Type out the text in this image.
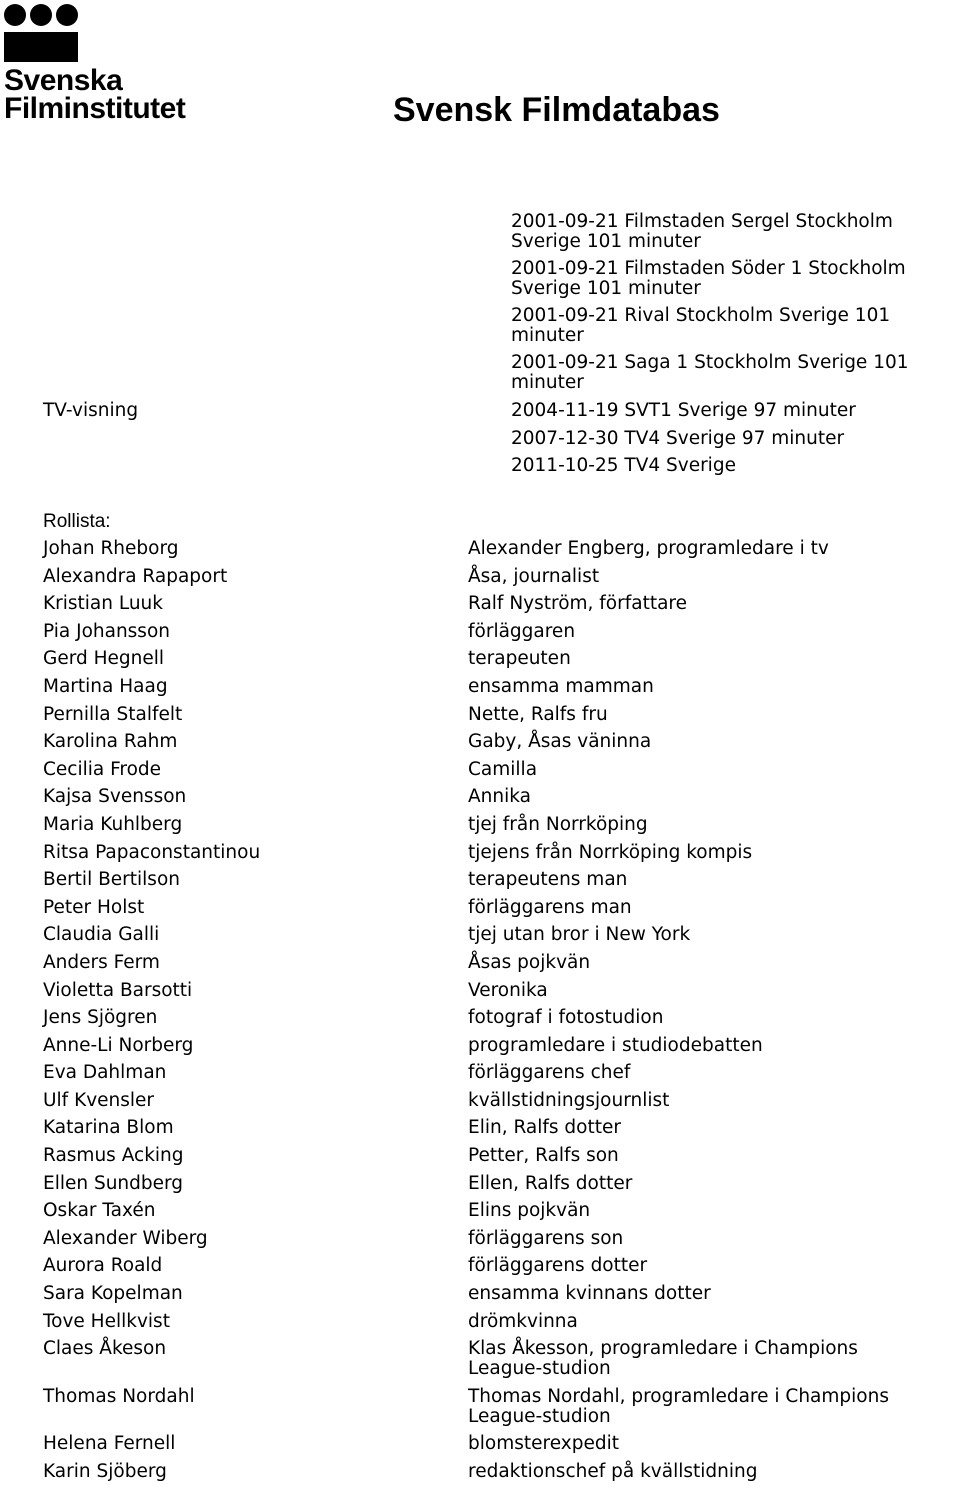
Svenska
Filminstitutet	Svensk Filmdatabas
2001-09-21 Filmstaden Sergel Stockholm Sverige 101 minuter
2001-09-21 Filmstaden Söder 1 Stockholm Sverige 101 minuter
2001-09-21 Rival Stockholm Sverige 101 minuter
2001-09-21 Saga 1 Stockholm Sverige 101 minuter
TV-visning	2004-11-19 SVT1 Sverige 97 minuter
2007-12-30 TV4 Sverige 97 minuter
2011-10-25 TV4 Sverige
Rollista:
Johan Rheborg	Alexander Engberg, programledare i tv
Alexandra Rapaport	Åsa, journalist
Kristian Luuk	Ralf Nyström, författare
Pia Johansson	förläggaren
Gerd Hegnell	terapeuten
Martina Haag	ensamma mamman
Pernilla Stalfelt	Nette, Ralfs fru
Karolina Rahm	Gaby, Åsas väninna
Cecilia Frode	Camilla
Kajsa Svensson	Annika
Maria Kuhlberg	tjej från Norrköping
Ritsa Papaconstantinou	tjejens från Norrköping kompis
Bertil Bertilson	terapeutens man
Peter Holst	förläggarens man
Claudia Galli	tjej utan bror i New York
Anders Ferm	Åsas pojkvän
Violetta Barsotti	Veronika
Jens Sjögren	fotograf i fotostudion
Anne-Li Norberg	programledare i studiodebatten
Eva Dahlman	förläggarens chef
Ulf Kvensler	kvällstidningsjournlist
Katarina Blom	Elin, Ralfs dotter
Rasmus Acking	Petter, Ralfs son
Ellen Sundberg	Ellen, Ralfs dotter
Oskar Taxén	Elins pojkvän
Alexander Wiberg	förläggarens son
Aurora Roald	förläggarens dotter
Sara Kopelman	ensamma kvinnans dotter
Tove Hellkvist	drömkvinna
Claes Åkeson	Klas Åkesson, programledare i Champions League-studion
Thomas Nordahl	Thomas Nordahl, programledare i Champions League-studion
Helena Fernell	blomsterexpedit
Karin Sjöberg	redaktionschef på kvällstidning
